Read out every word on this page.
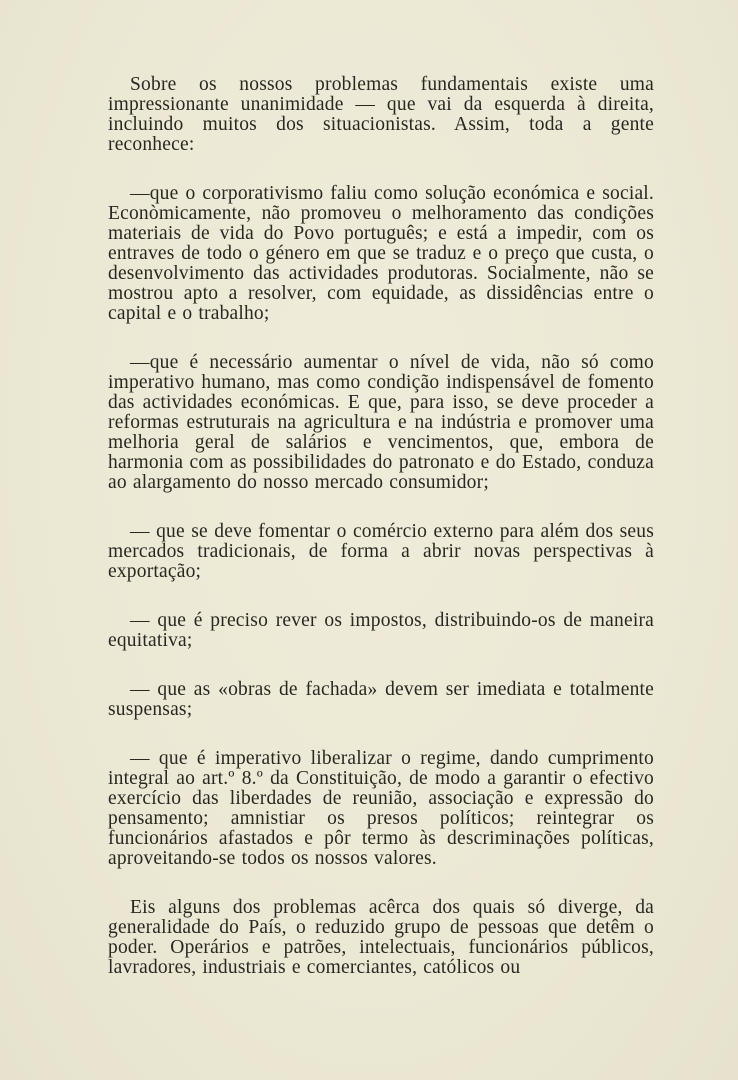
Sobre os nossos problemas fundamentais existe uma impressionante unanimidade — que vai da esquerda à direita, incluindo muitos dos situacionistas. Assim, toda a gente reconhece:

—que o corporativismo faliu como solução económica e social. Econòmicamente, não promoveu o melhoramento das condições materiais de vida do Povo português; e está a impedir, com os entraves de todo o género em que se traduz e o preço que custa, o desenvolvimento das actividades produtoras. Socialmente, não se mostrou apto a resolver, com equidade, as dissidências entre o capital e o trabalho;

—que é necessário aumentar o nível de vida, não só como imperativo humano, mas como condição indispensável de fomento das actividades económicas. E que, para isso, se deve proceder a reformas estruturais na agricultura e na indústria e promover uma melhoria geral de salários e vencimentos, que, embora de harmonia com as possibilidades do patronato e do Estado, conduza ao alargamento do nosso mercado consumidor;

— que se deve fomentar o comércio externo para além dos seus mercados tradicionais, de forma a abrir novas perspectivas à exportação;

— que é preciso rever os impostos, distribuindo-os de maneira equitativa;

— que as «obras de fachada» devem ser imediata e totalmente suspensas;

— que é imperativo liberalizar o regime, dando cumprimento integral ao art.º 8.º da Constituição, de modo a garantir o efectivo exercício das liberdades de reunião, associação e expressão do pensamento; amnistiar os presos políticos; reintegrar os funcionários afastados e pôr termo às descriminações políticas, aproveitando-se todos os nossos valores.

Eis alguns dos problemas acêrca dos quais só diverge, da generalidade do País, o reduzido grupo de pessoas que detêm o poder. Operários e patrões, intelectuais, funcionários públicos, lavradores, industriais e comerciantes, católicos ou
